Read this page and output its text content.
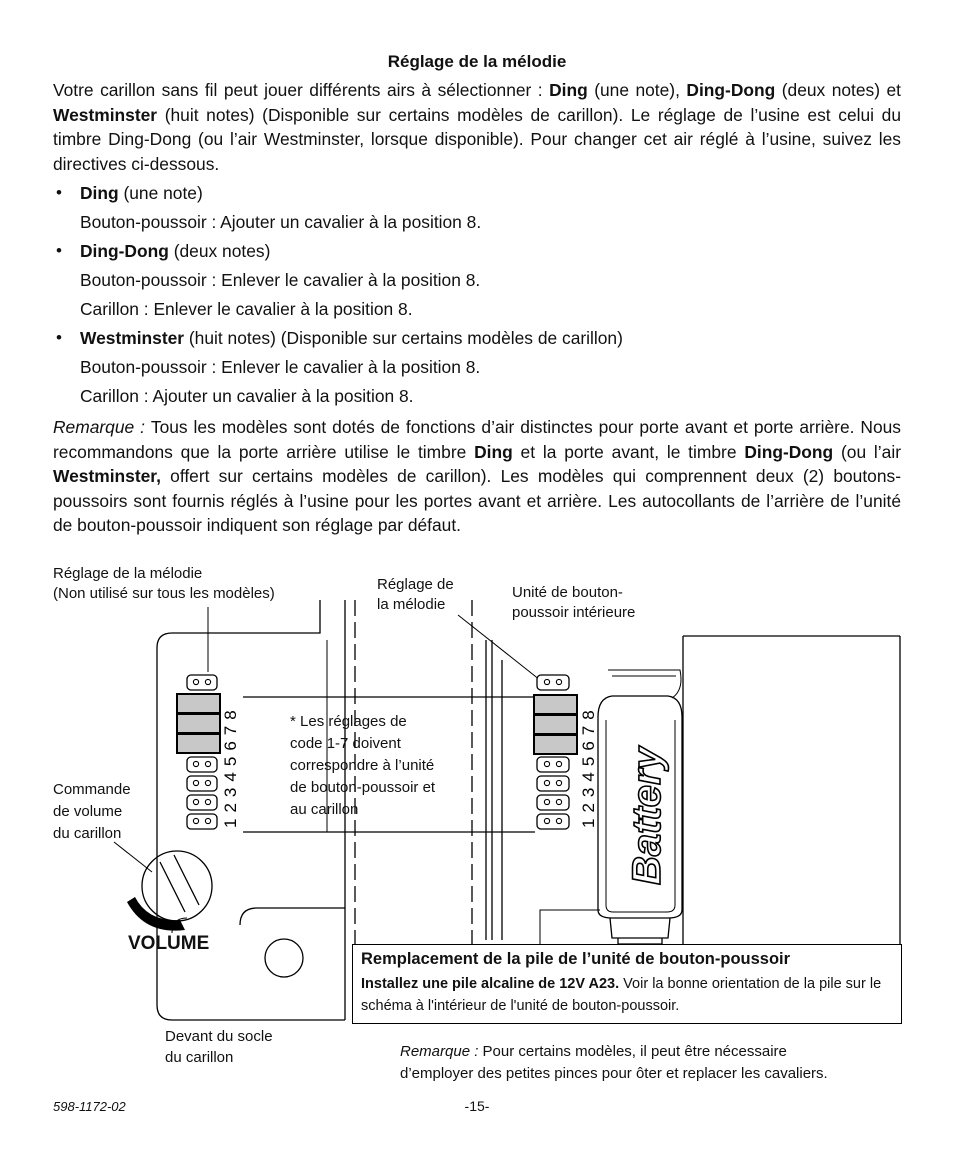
Réglage de la mélodie
Votre carillon sans fil peut jouer différents airs à sélectionner : Ding (une note), Ding-Dong (deux notes) et Westminster (huit notes) (Disponible sur certains modèles de carillon). Le réglage de l’usine est celui du timbre Ding-Dong (ou l’air Westminster, lorsque disponible). Pour changer cet air réglé à l’usine, suivez les directives ci-dessous.
• Ding (une note)
Bouton-poussoir : Ajouter un cavalier à la position 8.
• Ding-Dong (deux notes)
Bouton-poussoir : Enlever le cavalier à la position 8.
Carillon : Enlever le cavalier à la position 8.
• Westminster (huit notes) (Disponible sur certains modèles de carillon)
Bouton-poussoir : Enlever le cavalier à la position 8.
Carillon : Ajouter un cavalier à la position 8.
Remarque : Tous les modèles sont dotés de fonctions d’air distinctes pour porte avant et porte arrière. Nous recommandons que la porte arrière utilise le timbre Ding et la porte avant, le timbre Ding-Dong (ou l’air Westminster, offert sur certains modèles de carillon). Les modèles qui comprennent deux (2) boutons-poussoirs sont fournis réglés à l’usine pour les portes avant et arrière. Les autocollants de l’arrière de l’unité de bouton-poussoir indiquent son réglage par défaut.
12345678
12345678
Battery
Réglage de la mélodie
(Non utilisé sur tous les modèles)
Réglage de
la mélodie
Unité de bouton-
poussoir intérieure
Commande
de volume
du carillon
VOLUME
* Les réglages de
code 1-7 doivent
correspondre à l’unité
de bouton-poussoir et
au carillon
Devant du socle
du carillon
Remplacement de la pile de l’unité de bouton-poussoir
Installez une pile alcaline de 12V A23. Voir la bonne orientation de la pile sur le schéma à l'intérieur de l'unité de bouton-poussoir.
Remarque : Pour certains modèles, il peut être nécessaire
d’employer des petites pinces pour ôter et replacer les cavaliers.
598-1172-02	-15-
